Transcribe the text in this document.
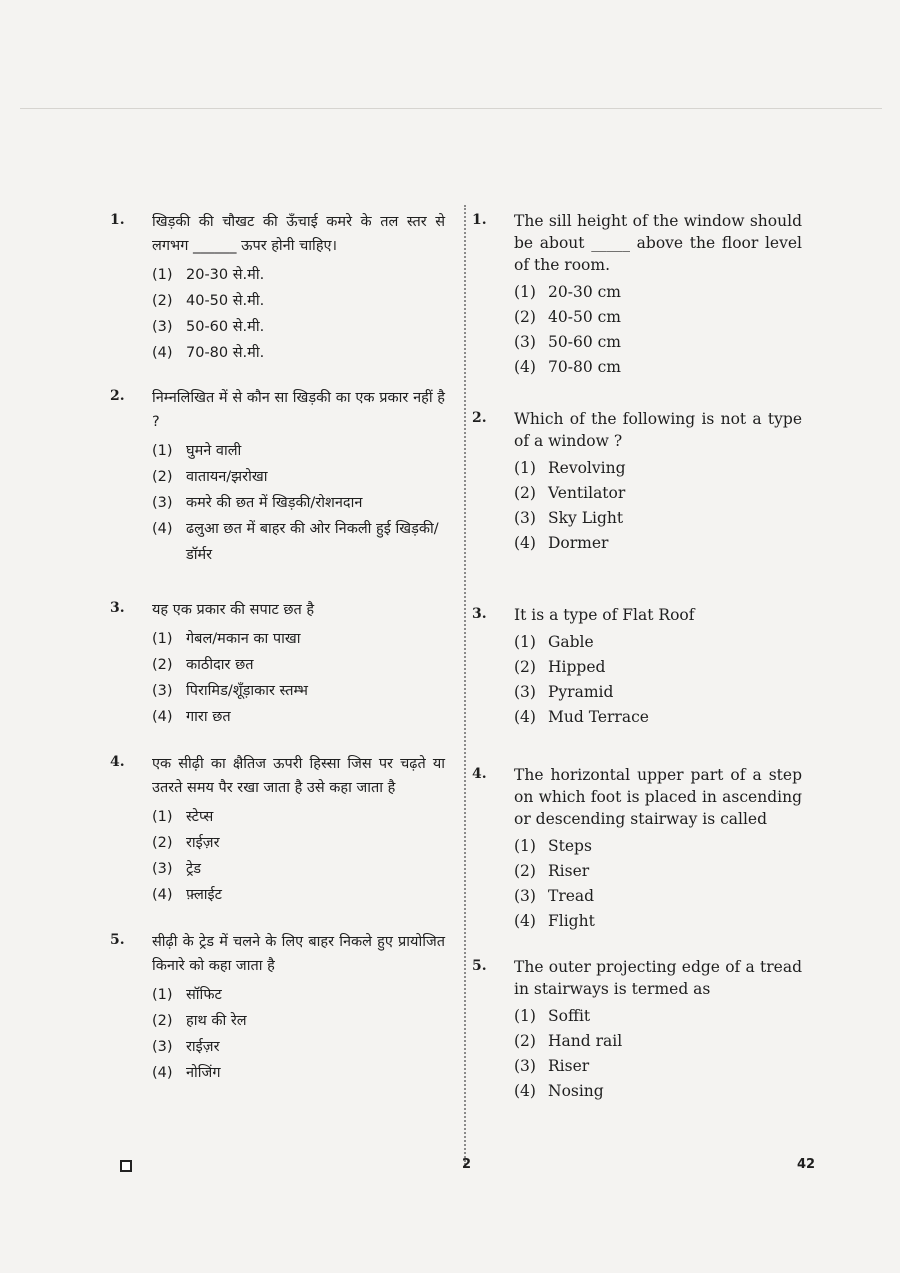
1. खिड़की की चौखट की ऊँचाई कमरे के तल स्तर से लगभग ______ ऊपर होनी चाहिए।
(1) 20-30 से.मी.
(2) 40-50 से.मी.
(3) 50-60 से.मी.
(4) 70-80 से.मी.
2. निम्नलिखित में से कौन सा खिड़की का एक प्रकार नहीं है ?
(1) घुमने वाली
(2) वातायन/झरोखा
(3) कमरे की छत में खिड़की/रोशनदान
(4) ढलुआ छत में बाहर की ओर निकली हुई खिड़की/डॉर्मर
3. यह एक प्रकार की सपाट छत है
(1) गेबल/मकान का पाखा
(2) काठीदार छत
(3) पिरामिड/शूँड़ाकार स्तम्भ
(4) गारा छत
4. एक सीढ़ी का क्षैतिज ऊपरी हिस्सा जिस पर चढ़ते या उतरते समय पैर रखा जाता है उसे कहा जाता है
(1) स्टेप्स
(2) राईज़र
(3) ट्रेड
(4) फ़्लाईट
5. सीढ़ी के ट्रेड में चलने के लिए बाहर निकले हुए प्रायोजित किनारे को कहा जाता है
(1) सॉफिट
(2) हाथ की रेल
(3) राईज़र
(4) नोजिंग
1. The sill height of the window should be about _____ above the floor level of the room.
(1) 20-30 cm
(2) 40-50 cm
(3) 50-60 cm
(4) 70-80 cm
2. Which of the following is not a type of a window ?
(1) Revolving
(2) Ventilator
(3) Sky Light
(4) Dormer
3. It is a type of Flat Roof
(1) Gable
(2) Hipped
(3) Pyramid
(4) Mud Terrace
4. The horizontal upper part of a step on which foot is placed in ascending or descending stairway is called
(1) Steps
(2) Riser
(3) Tread
(4) Flight
5. The outer projecting edge of a tread in stairways is termed as
(1) Soffit
(2) Hand rail
(3) Riser
(4) Nosing
2	42
